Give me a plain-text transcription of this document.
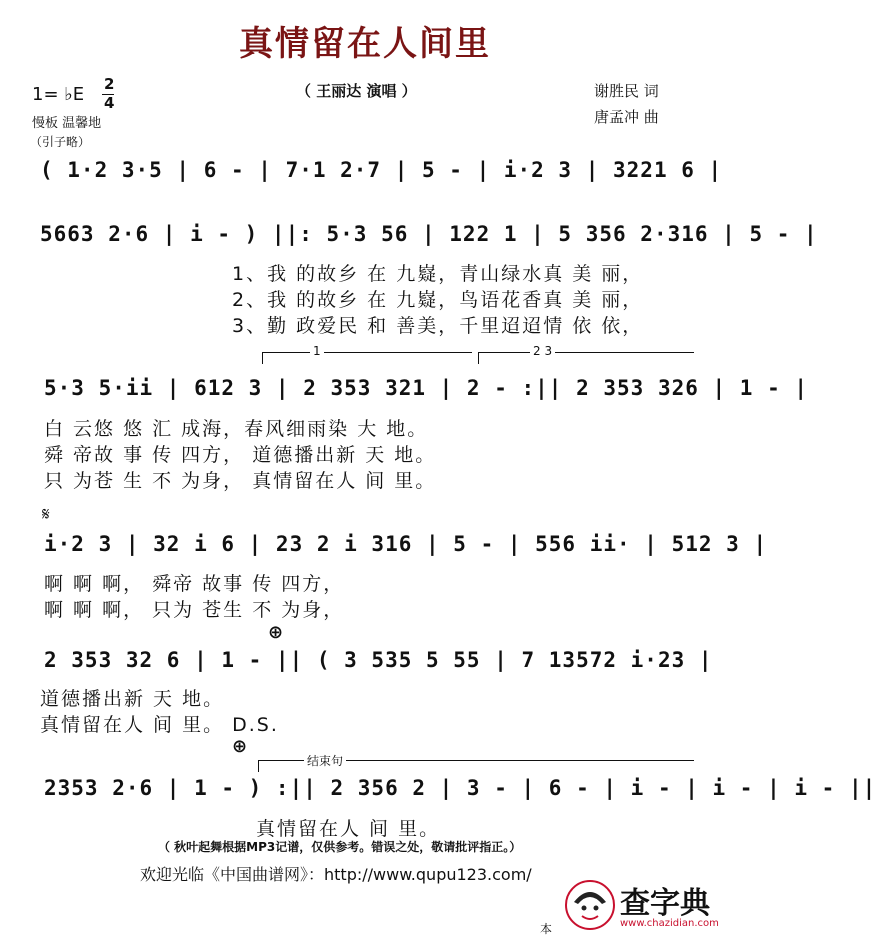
真情留在人间里
（ 王丽达 演唱 ）	谢胜民 词
唐孟冲 曲
1= ♭E 2
4
慢板 温馨地
（引子略）
( 1·2 3·5 | 6 - | 7·1 2·7 | 5 - | i·2 3 | 3221 6 |
5663 2·6 | i - ) ||: 5·3 56 | 122 1 | 5 356 2·316 | 5 - |
1、我 的故乡 在 九嶷，青山绿水真 美 丽，
2、我 的故乡 在 九嶷，鸟语花香真 美 丽，
3、勤 政爱民 和 善美，千里迢迢情 依 依，
1	2 3
5·3 5·ii | 612 3 | 2 353 321 | 2 - :|| 2 353 326 | 1 - |
白 云悠 悠 汇 成海，春风细雨染 大 地。
舜 帝故 事 传 四方， 道德播出新 天 地。
只 为苍 生 不 为身， 真情留在人 间 里。
𝄋
i·2 3 | 32 i 6 | 23 2 i 316 | 5 - | 556 ii· | 512 3 |
啊 啊 啊， 舜帝 故事 传 四方，
啊 啊 啊， 只为 苍生 不 为身，
⊕
2 353 32 6 | 1 - || ( 3 535 5 55 | 7 13572 i·23 |
道德播出新 天 地。
真情留在人 间 里。 D.S.
⊕
结束句
2353 2·6 | 1 - ) :|| 2 356 2 | 3 - | 6 - | i - | i - | i - ||
真情留在人 间 里。
（ 秋叶起舞根据MP3记谱，仅供参考。错误之处，敬请批评指正。）
欢迎光临《中国曲谱网》：http://www.qupu123.com/
本
查字典
www.chazidian.com
